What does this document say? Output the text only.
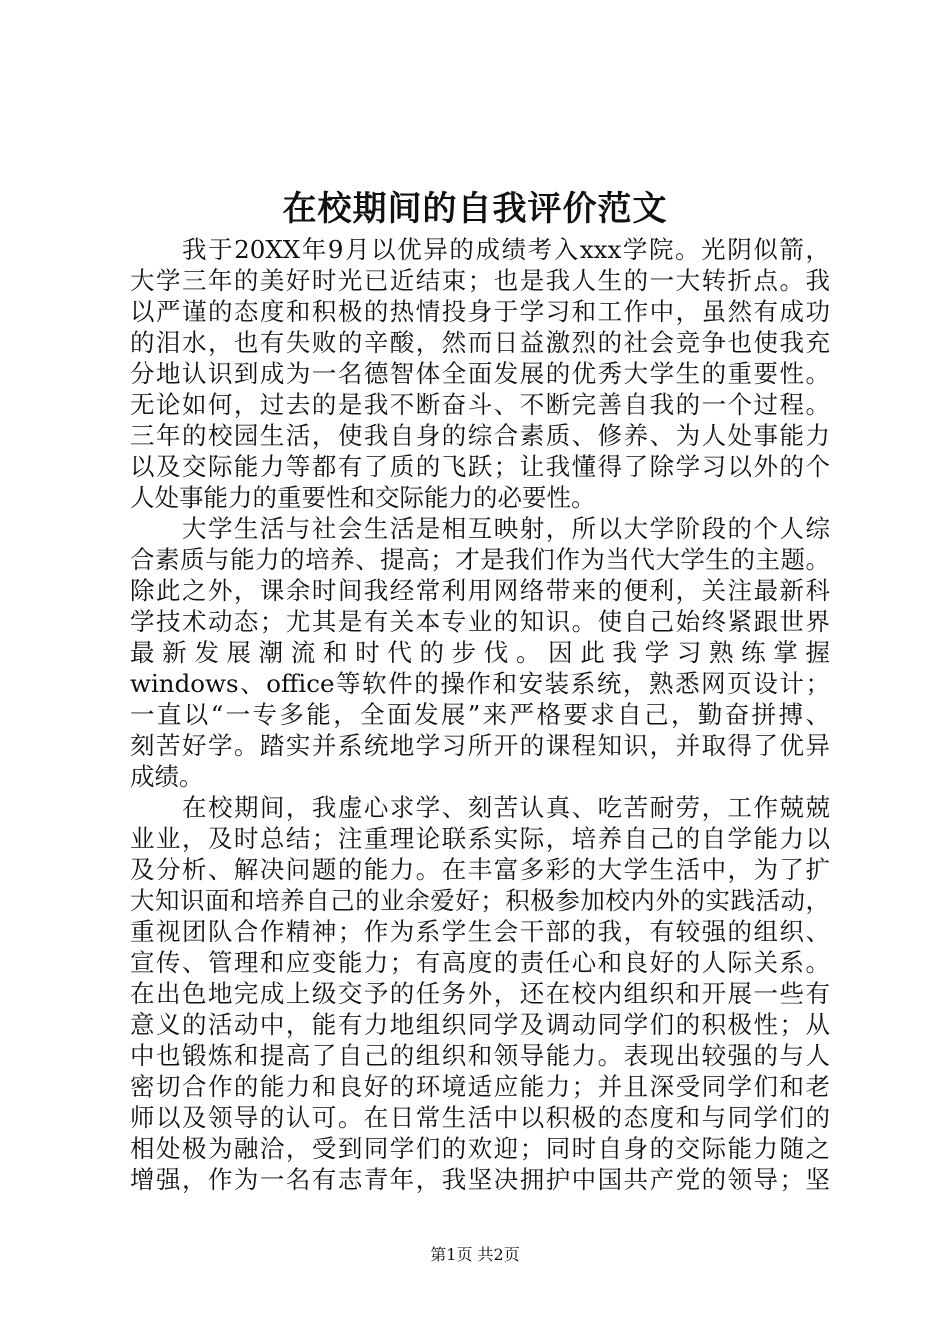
在校期间的自我评价范文
我于20XX年9月以优异的成绩考入xxx学院。光阴似箭，
大学三年的美好时光已近结束；也是我人生的一大转折点。我
以严谨的态度和积极的热情投身于学习和工作中，虽然有成功
的泪水，也有失败的辛酸，然而日益激烈的社会竞争也使我充
分地认识到成为一名德智体全面发展的优秀大学生的重要性。
无论如何，过去的是我不断奋斗、不断完善自我的一个过程。
三年的校园生活，使我自身的综合素质、修养、为人处事能力
以及交际能力等都有了质的飞跃；让我懂得了除学习以外的个
人处事能力的重要性和交际能力的必要性。
大学生活与社会生活是相互映射，所以大学阶段的个人综
合素质与能力的培养、提高；才是我们作为当代大学生的主题。
除此之外，课余时间我经常利用网络带来的便利，关注最新科
学技术动态；尤其是有关本专业的知识。使自己始终紧跟世界
最新发展潮流和时代的步伐。因此我学习熟练掌握
windows、office等软件的操作和安装系统，熟悉网页设计；
一直以“一专多能，全面发展”来严格要求自己，勤奋拼搏、
刻苦好学。踏实并系统地学习所开的课程知识，并取得了优异
成绩。
在校期间，我虚心求学、刻苦认真、吃苦耐劳，工作兢兢
业业，及时总结；注重理论联系实际，培养自己的自学能力以
及分析、解决问题的能力。在丰富多彩的大学生活中，为了扩
大知识面和培养自己的业余爱好；积极参加校内外的实践活动，
重视团队合作精神；作为系学生会干部的我，有较强的组织、
宣传、管理和应变能力；有高度的责任心和良好的人际关系。
在出色地完成上级交予的任务外，还在校内组织和开展一些有
意义的活动中，能有力地组织同学及调动同学们的积极性；从
中也锻炼和提高了自己的组织和领导能力。表现出较强的与人
密切合作的能力和良好的环境适应能力；并且深受同学们和老
师以及领导的认可。在日常生活中以积极的态度和与同学们的
相处极为融洽，受到同学们的欢迎；同时自身的交际能力随之
增强，作为一名有志青年，我坚决拥护中国共产党的领导；坚
第1页 共2页
